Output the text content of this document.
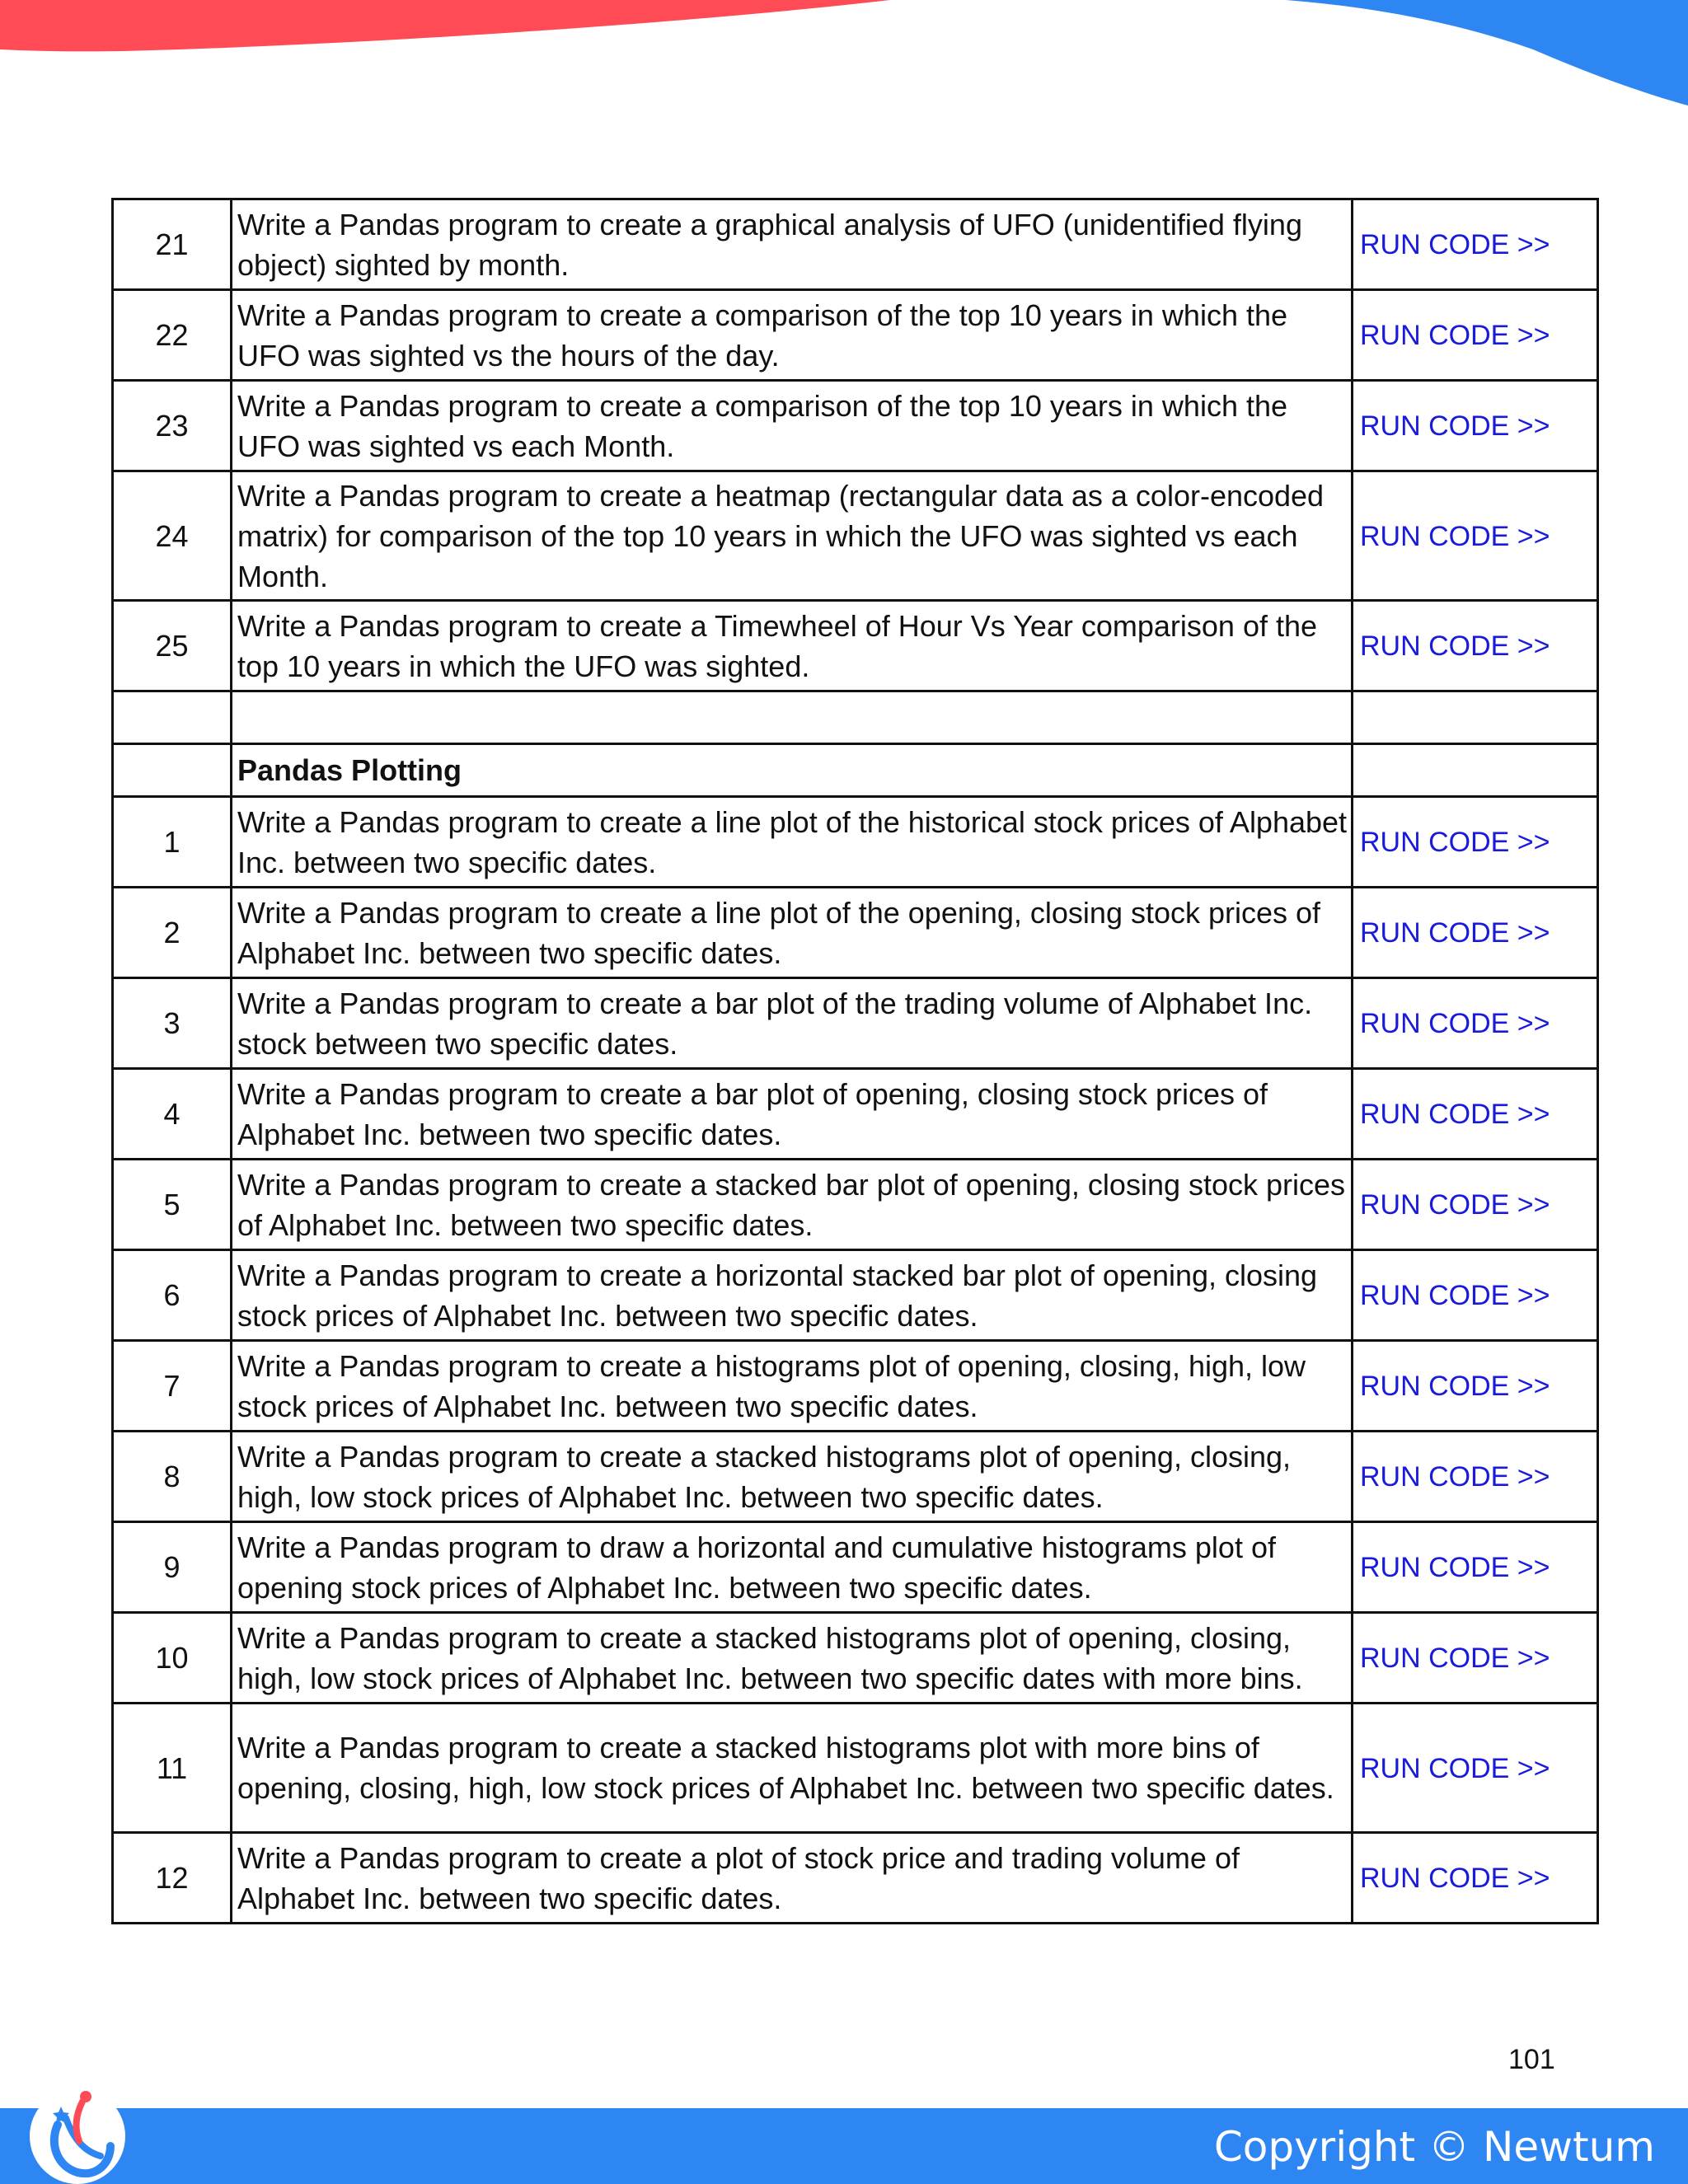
21	Write a Pandas program to create a graphical analysis of UFO (unidentified flying object) sighted by month.	RUN CODE >>
22	Write a Pandas program to create a comparison of the top 10 years in which the UFO was sighted vs the hours of the day.	RUN CODE >>
23	Write a Pandas program to create a comparison of the top 10 years in which the UFO was sighted vs each Month.	RUN CODE >>
24	Write a Pandas program to create a heatmap (rectangular data as a color-encoded matrix) for comparison of the top 10 years in which the UFO was sighted vs each Month.	RUN CODE >>
25	Write a Pandas program to create a Timewheel of Hour Vs Year comparison of the top 10 years in which the UFO was sighted.	RUN CODE >>

	Pandas Plotting	
1	Write a Pandas program to create a line plot of the historical stock prices of Alphabet Inc. between two specific dates.	RUN CODE >>
2	Write a Pandas program to create a line plot of the opening, closing stock prices of Alphabet Inc. between two specific dates.	RUN CODE >>
3	Write a Pandas program to create a bar plot of the trading volume of Alphabet Inc. stock between two specific dates.	RUN CODE >>
4	Write a Pandas program to create a bar plot of opening, closing stock prices of Alphabet Inc. between two specific dates.	RUN CODE >>
5	Write a Pandas program to create a stacked bar plot of opening, closing stock prices of Alphabet Inc. between two specific dates.	RUN CODE >>
6	Write a Pandas program to create a horizontal stacked bar plot of opening, closing stock prices of Alphabet Inc. between two specific dates.	RUN CODE >>
7	Write a Pandas program to create a histograms plot of opening, closing, high, low stock prices of Alphabet Inc. between two specific dates.	RUN CODE >>
8	Write a Pandas program to create a stacked histograms plot of opening, closing, high, low stock prices of Alphabet Inc. between two specific dates.	RUN CODE >>
9	Write a Pandas program to draw a horizontal and cumulative histograms plot of opening stock prices of Alphabet Inc. between two specific dates.	RUN CODE >>
10	Write a Pandas program to create a stacked histograms plot of opening, closing, high, low stock prices of Alphabet Inc. between two specific dates with more bins.	RUN CODE >>
11	Write a Pandas program to create a stacked histograms plot with more bins of opening, closing, high, low stock prices of Alphabet Inc. between two specific dates.	RUN CODE >>
12	Write a Pandas program to create a plot of stock price and trading volume of Alphabet Inc. between two specific dates.	RUN CODE >>
101
Copyright © Newtum
